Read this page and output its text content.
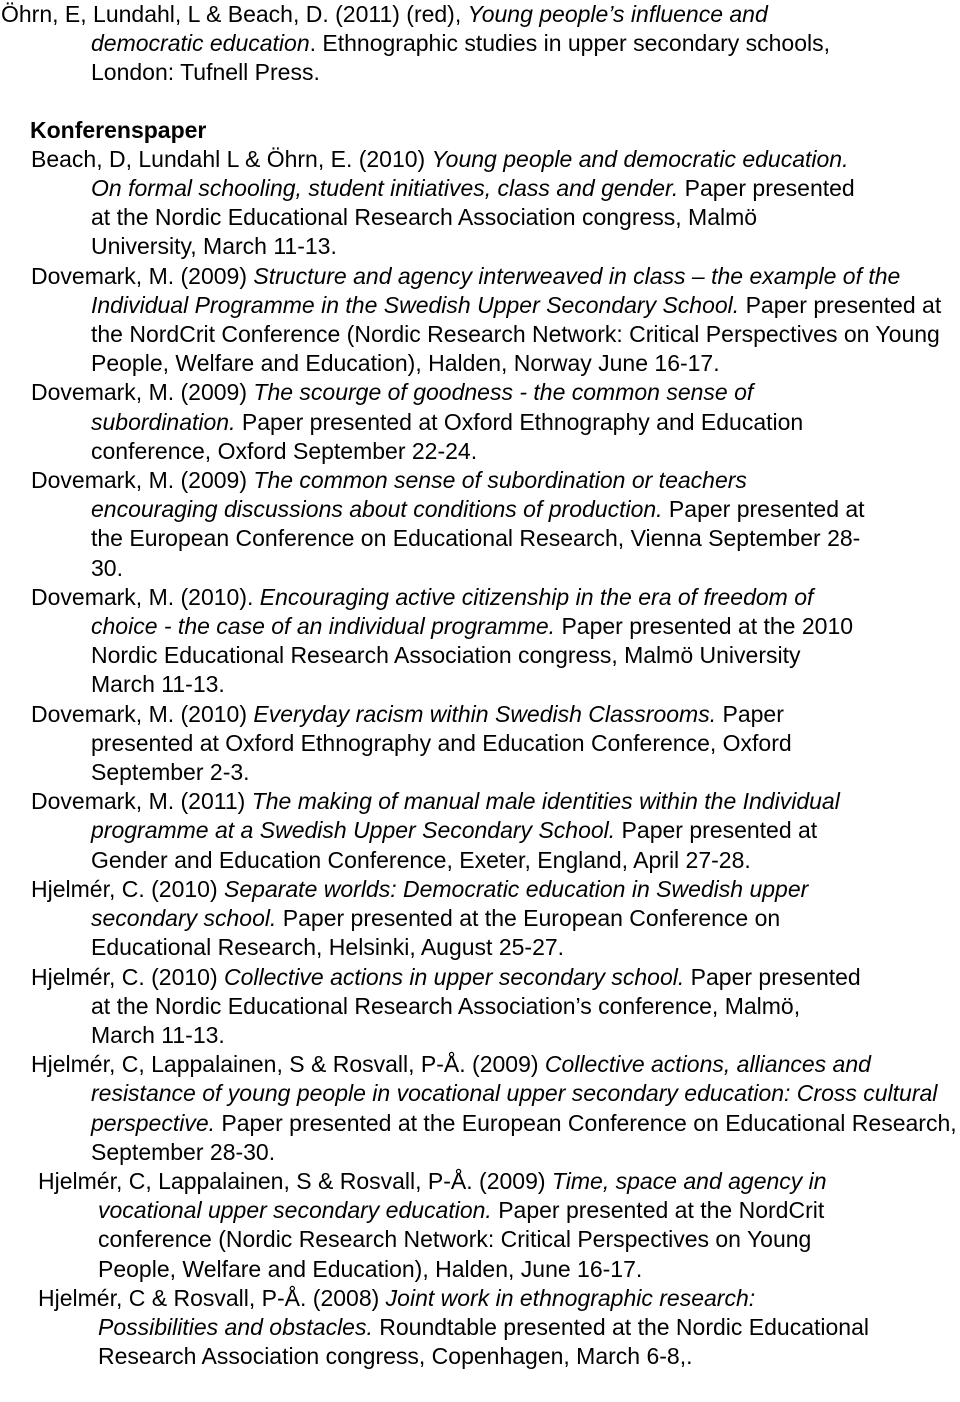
Öhrn, E, Lundahl, L & Beach, D. (2011) (red), Young people’s influence and democratic education. Ethnographic studies in upper secondary schools, London: Tufnell Press.

Konferenspaper

Beach, D, Lundahl L & Öhrn, E. (2010) Young people and democratic education. On formal schooling, student initiatives, class and gender. Paper presented at the Nordic Educational Research Association congress, Malmö University, March 11-13.

Dovemark, M. (2009) Structure and agency interweaved in class – the example of the Individual Programme in the Swedish Upper Secondary School. Paper presented at the NordCrit Conference (Nordic Research Network: Critical Perspectives on Young People, Welfare and Education), Halden, Norway June 16-17.

Dovemark, M. (2009) The scourge of goodness - the common sense of subordination. Paper presented at Oxford Ethnography and Education conference, Oxford September 22-24.

Dovemark, M. (2009) The common sense of subordination or teachers encouraging discussions about conditions of production. Paper presented at the European Conference on Educational Research, Vienna September 28-30.

Dovemark, M. (2010). Encouraging active citizenship in the era of freedom of choice - the case of an individual programme. Paper presented at the 2010 Nordic Educational Research Association congress, Malmö University March 11-13.

Dovemark, M. (2010) Everyday racism within Swedish Classrooms. Paper presented at Oxford Ethnography and Education Conference, Oxford September 2-3.

Dovemark, M. (2011) The making of manual male identities within the Individual programme at a Swedish Upper Secondary School. Paper presented at Gender and Education Conference, Exeter, England, April 27-28.

Hjelmér, C. (2010) Separate worlds: Democratic education in Swedish upper secondary school. Paper presented at the European Conference on Educational Research, Helsinki, August 25-27.

Hjelmér, C. (2010) Collective actions in upper secondary school. Paper presented at the Nordic Educational Research Association’s conference, Malmö, March 11-13.

Hjelmér, C, Lappalainen, S & Rosvall, P-Å. (2009) Collective actions, alliances and resistance of young people in vocational upper secondary education: Cross cultural perspective. Paper presented at the European Conference on Educational Research, September 28-30.

Hjelmér, C, Lappalainen, S & Rosvall, P-Å. (2009) Time, space and agency in vocational upper secondary education. Paper presented at the NordCrit conference (Nordic Research Network: Critical Perspectives on Young People, Welfare and Education), Halden, June 16-17.

Hjelmér, C & Rosvall, P-Å. (2008) Joint work in ethnographic research: Possibilities and obstacles. Roundtable presented at the Nordic Educational Research Association congress, Copenhagen, March 6-8,.
